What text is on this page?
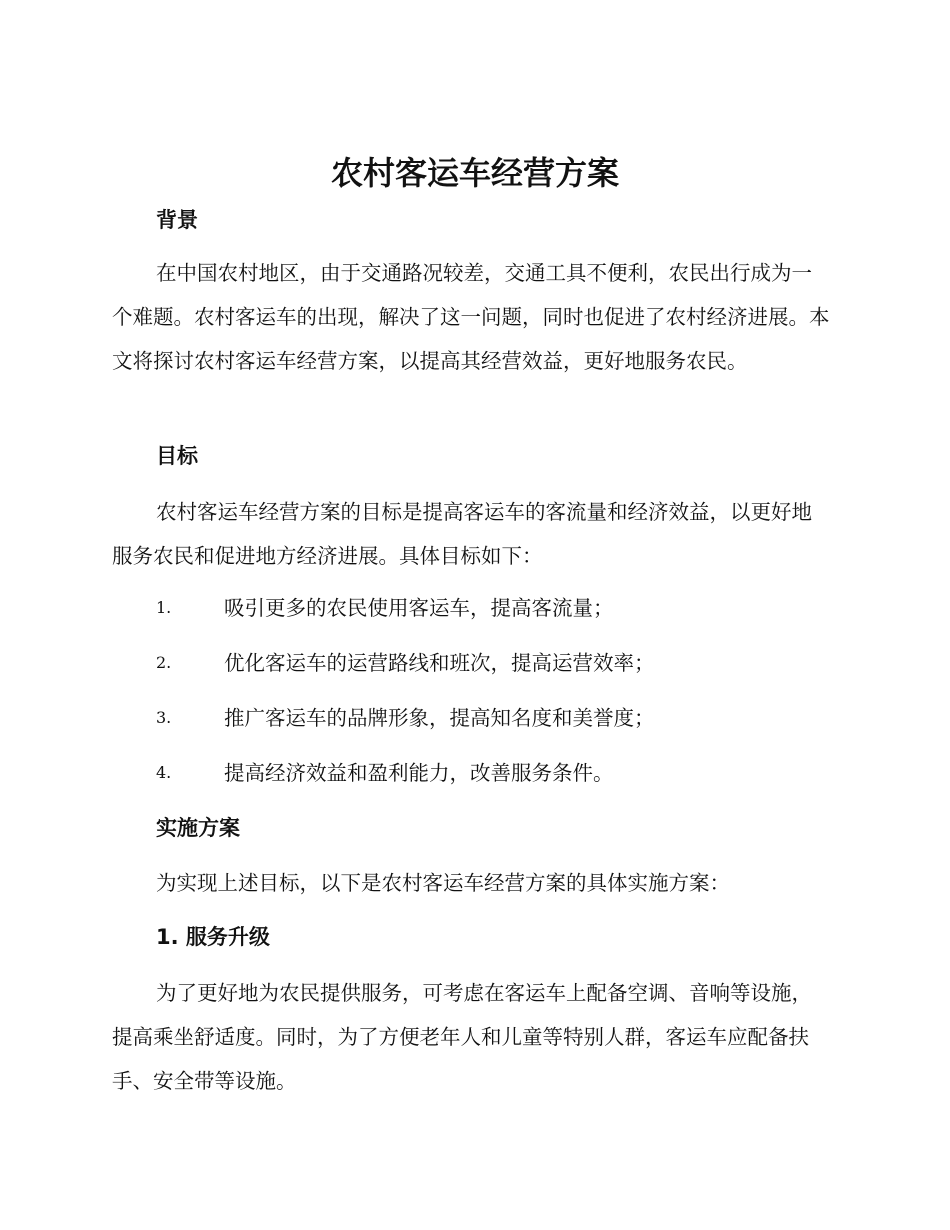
农村客运车经营方案
背景

在中国农村地区，由于交通路况较差，交通工具不便利，农民出行成为一个难题。农村客运车的出现，解决了这一问题，同时也促进了农村经济进展。本文将探讨农村客运车经营方案，以提高其经营效益，更好地服务农民。

目标

农村客运车经营方案的目标是提高客运车的客流量和经济效益，以更好地服务农民和促进地方经济进展。具体目标如下：

1.	吸引更多的农民使用客运车，提高客流量；
2.	优化客运车的运营路线和班次，提高运营效率；
3.	推广客运车的品牌形象，提高知名度和美誉度；
4.	提高经济效益和盈利能力，改善服务条件。
实施方案

为实现上述目标，以下是农村客运车经营方案的具体实施方案：

1. 服务升级

为了更好地为农民提供服务，可考虑在客运车上配备空调、音响等设施，提高乘坐舒适度。同时，为了方便老年人和儿童等特别人群，客运车应配备扶手、安全带等设施。
